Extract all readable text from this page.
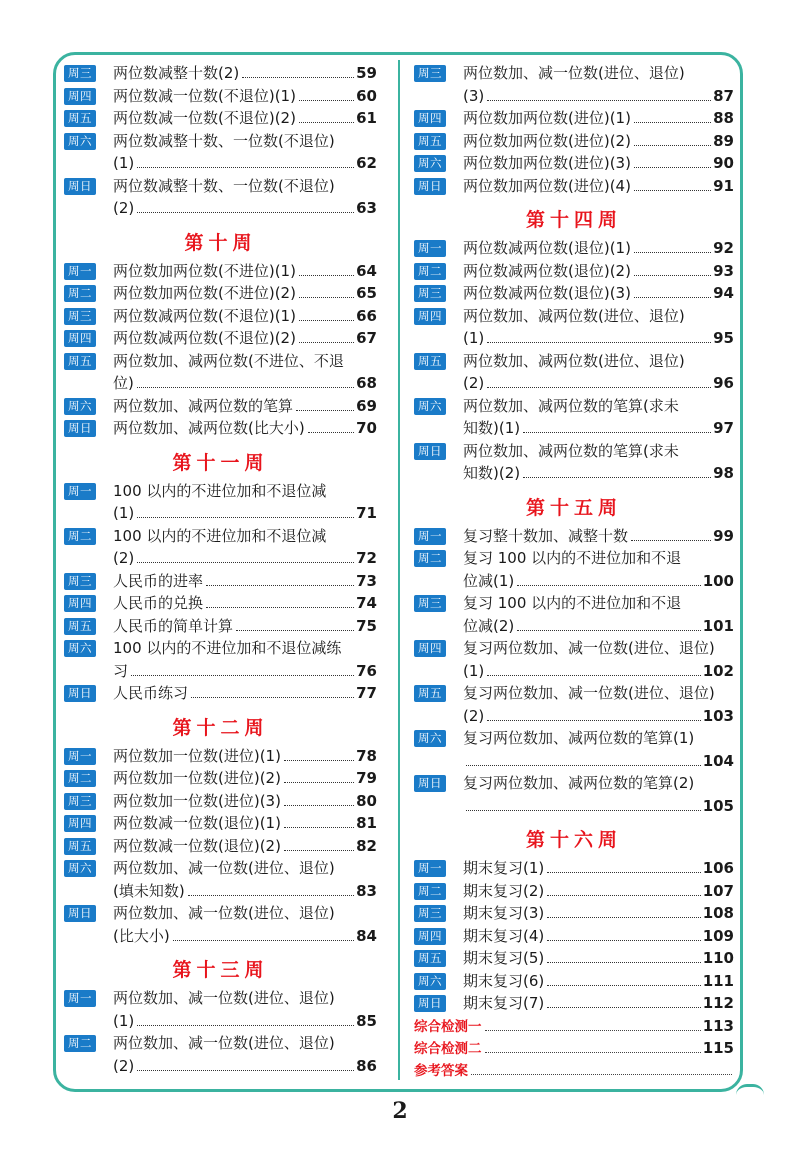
周三 两位数减整十数(2)	59
周四 两位数减一位数(不退位)(1)	60
周五 两位数减一位数(不退位)(2)	61
周六 两位数减整十数、一位数(不退位)
(1)	62
周日 两位数减整十数、一位数(不退位)
(2)	63
第十周
周一 两位数加两位数(不进位)(1)	64
周二 两位数加两位数(不进位)(2)	65
周三 两位数减两位数(不退位)(1)	66
周四 两位数减两位数(不退位)(2)	67
周五 两位数加、减两位数(不进位、不退
位)	68
周六 两位数加、减两位数的笔算	69
周日 两位数加、减两位数(比大小)	70
第十一周
周一 100 以内的不进位加和不退位减
(1)	71
周二 100 以内的不进位加和不退位减
(2)	72
周三 人民币的进率	73
周四 人民币的兑换	74
周五 人民币的简单计算	75
周六 100 以内的不进位加和不退位减练
习	76
周日 人民币练习	77
第十二周
周一 两位数加一位数(进位)(1)	78
周二 两位数加一位数(进位)(2)	79
周三 两位数加一位数(进位)(3)	80
周四 两位数减一位数(退位)(1)	81
周五 两位数减一位数(退位)(2)	82
周六 两位数加、减一位数(进位、退位)
(填未知数)	83
周日 两位数加、减一位数(进位、退位)
(比大小)	84
第十三周
周一 两位数加、减一位数(进位、退位)
(1)	85
周二 两位数加、减一位数(进位、退位)
(2)	86
周三 两位数加、减一位数(进位、退位)
(3)	87
周四 两位数加两位数(进位)(1)	88
周五 两位数加两位数(进位)(2)	89
周六 两位数加两位数(进位)(3)	90
周日 两位数加两位数(进位)(4)	91
第十四周
周一 两位数减两位数(退位)(1)	92
周二 两位数减两位数(退位)(2)	93
周三 两位数减两位数(退位)(3)	94
周四 两位数加、减两位数(进位、退位)
(1)	95
周五 两位数加、减两位数(进位、退位)
(2)	96
周六 两位数加、减两位数的笔算(求未
知数)(1)	97
周日 两位数加、减两位数的笔算(求未
知数)(2)	98
第十五周
周一 复习整十数加、减整十数	99
周二 复习 100 以内的不进位加和不退
位减(1)	100
周三 复习 100 以内的不进位加和不退
位减(2)	101
周四 复习两位数加、减一位数(进位、退位)
(1)	102
周五 复习两位数加、减一位数(进位、退位)
(2)	103
周六 复习两位数加、减两位数的笔算(1)
104
周日 复习两位数加、减两位数的笔算(2)
105
第十六周
周一 期末复习(1)	106
周二 期末复习(2)	107
周三 期末复习(3)	108
周四 期末复习(4)	109
周五 期末复习(5)	110
周六 期末复习(6)	111
周日 期末复习(7)	112
综合检测一	113
综合检测二	115
参考答案
2
